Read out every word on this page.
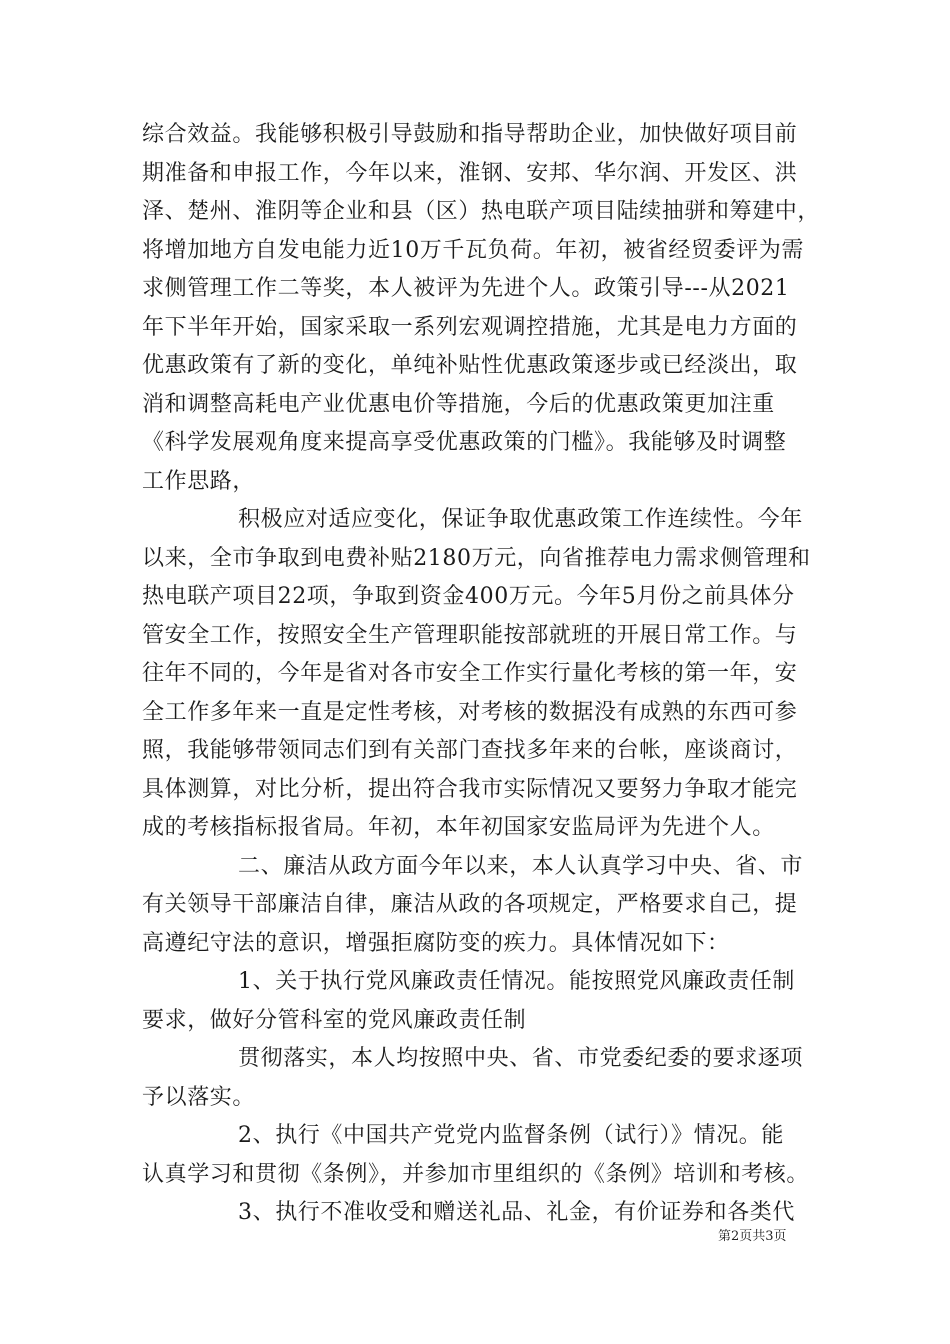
综合效益。我能够积极引导鼓励和指导帮助企业，加快做好项目前
期准备和申报工作，今年以来，淮钢、安邦、华尔润、开发区、洪
泽、楚州、淮阴等企业和县（区）热电联产项目陆续抽骈和筹建中，
将增加地方自发电能力近10万千瓦负荷。年初，被省经贸委评为需
求侧管理工作二等奖，本人被评为先进个人。政策引导---从2021
年下半年开始，国家采取一系列宏观调控措施，尤其是电力方面的
优惠政策有了新的变化，单纯补贴性优惠政策逐步或已经淡出，取
消和调整高耗电产业优惠电价等措施，今后的优惠政策更加注重
《科学发展观角度来提高享受优惠政策的门槛》。我能够及时调整
工作思路，
积极应对适应变化，保证争取优惠政策工作连续性。今年
以来，全市争取到电费补贴2180万元，向省推荐电力需求侧管理和
热电联产项目22项，争取到资金400万元。今年5月份之前具体分
管安全工作，按照安全生产管理职能按部就班的开展日常工作。与
往年不同的，今年是省对各市安全工作实行量化考核的第一年，安
全工作多年来一直是定性考核，对考核的数据没有成熟的东西可参
照，我能够带领同志们到有关部门查找多年来的台帐，座谈商讨，
具体测算，对比分析，提出符合我市实际情况又要努力争取才能完
成的考核指标报省局。年初，本年初国家安监局评为先进个人。
二、廉洁从政方面今年以来，本人认真学习中央、省、市
有关领导干部廉洁自律，廉洁从政的各项规定，严格要求自己，提
高遵纪守法的意识，增强拒腐防变的疾力。具体情况如下：
1、关于执行党风廉政责任情况。能按照党风廉政责任制
要求，做好分管科室的党风廉政责任制
贯彻落实，本人均按照中央、省、市党委纪委的要求逐项
予以落实。
2、执行《中国共产党党内监督条例（试行）》情况。能
认真学习和贯彻《条例》，并参加市里组织的《条例》培训和考核。
3、执行不准收受和赠送礼品、礼金，有价证券和各类代
第2页共3页
